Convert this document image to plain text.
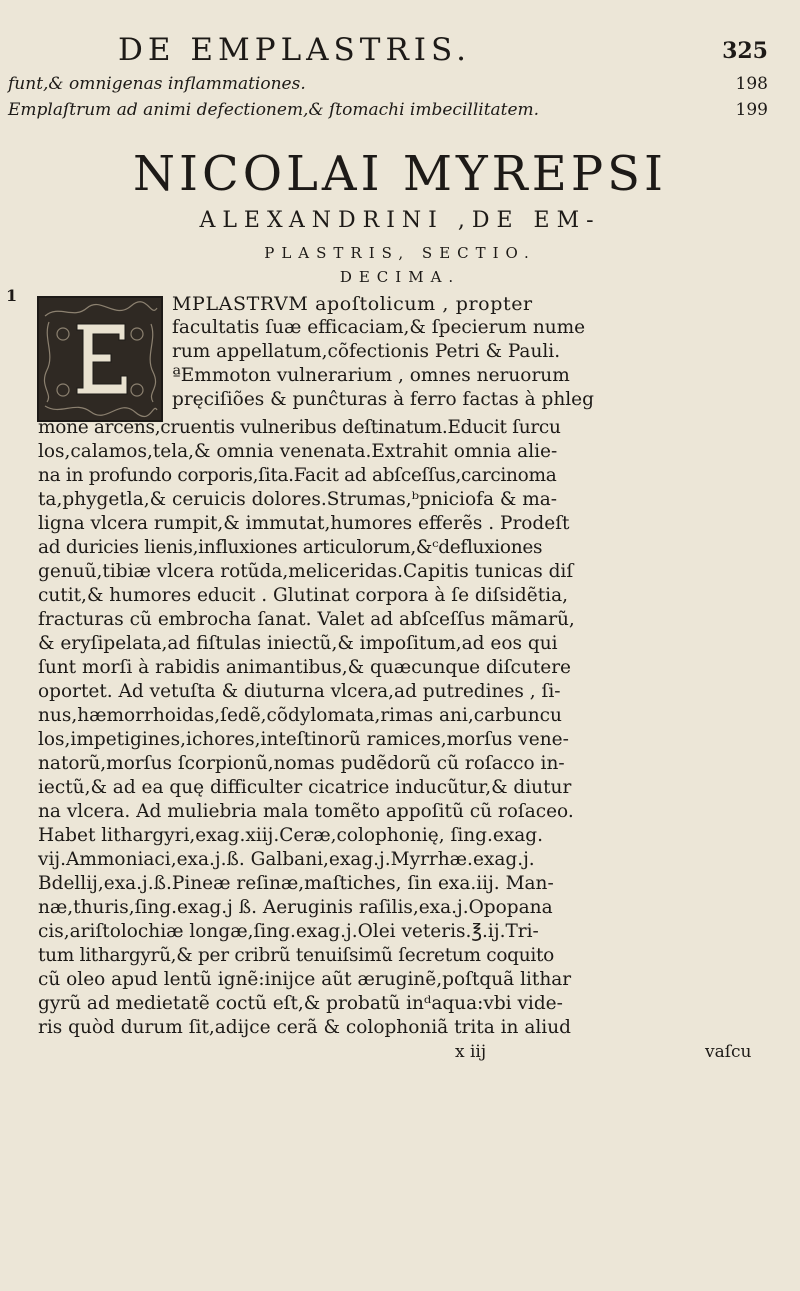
DE EMPLASTRIS.	325
funt,& omnigenas inflammationes.	198
Emplaſtrum ad animi defectionem,& ſtomachi imbecillitatem.	199
NICOLAI MYREPSI
ALEXANDRINI ,DE EM-
PLASTRIS, SECTIO.
DECIMA.
1	MPLASTRVM apoſtolicum , propter
facultatis ſuæ efficaciam,& ſpecierum nume
rum appellatum,cõfectionis Petri & Pauli.
ªEmmoton vulnerarium , omnes neruorum
pręciſiões & punĉturas à ferro factas à phleg
mone arcens,cruentis vulneribus deſtinatum.Educit ſurcu
los,calamos,tela,& omnia venenata.Extrahit omnia alie-
na in profundo corporis,ſita.Facit ad abſceſſus,carcinoma
ta,phygetla,& ceruicis dolores.Strumas,ᵇpniciofa & ma-
ligna vlcera rumpit,& immutat,humores efferẽs . Prodeſt
ad duricies lienis,influxiones articulorum,&ᶜdefluxiones
genuũ,tibiæ vlcera rotũda,meliceridas.Capitis tunicas diſ
cutit,& humores educit . Glutinat corpora à ſe diſsidẽtia,
fracturas cũ embrocha ſanat. Valet ad abſceſſus mãmarũ,
& eryſipelata,ad fiſtulas iniectũ,& impoſitum,ad eos qui
ſunt morſi à rabidis animantibus,& quæcunque diſcutere
oportet. Ad vetuſta & diuturna vlcera,ad putredines , ſi-
nus,hæmorrhoidas,ſedẽ,cõdylomata,rimas ani,carbuncu
los,impetigines,ichores,inteſtinorũ ramices,morſus vene-
natorũ,morſus ſcorpionũ,nomas pudẽdorũ cũ roſacco in-
iectũ,& ad ea quę difficulter cicatrice inducũtur,& diutur
na vlcera. Ad muliebria mala tomẽto appoſitũ cũ roſaceo.
Habet lithargyri,exag.xiij.Ceræ,colophonię, ſing.exag.
vij.Ammoniaci,exa.j.ß. Galbani,exag.j.Myrrhæ.exag.j.
Bdellij,exa.j.ß.Pineæ reſinæ,maſtiches, ſin exa.iij. Man-
næ,thuris,ſing.exag.j ß. Aeruginis raſilis,exa.j.Opopana
cis,ariſtolochiæ longæ,ſing.exag.j.Olei veteris.℥.ij.Tri-
tum lithargyrũ,& per cribrũ tenuiſsimũ ſecretum coquito
cũ oleo apud lentũ ignẽ:inijce aũt æruginẽ,poſtquã lithar
gyrũ ad medietatẽ coctũ eſt,& probatũ inᵈaqua:vbi vide-
ris quòd durum ſit,adijce cerã & colophoniã trita in aliud
x iij	vaſcu
